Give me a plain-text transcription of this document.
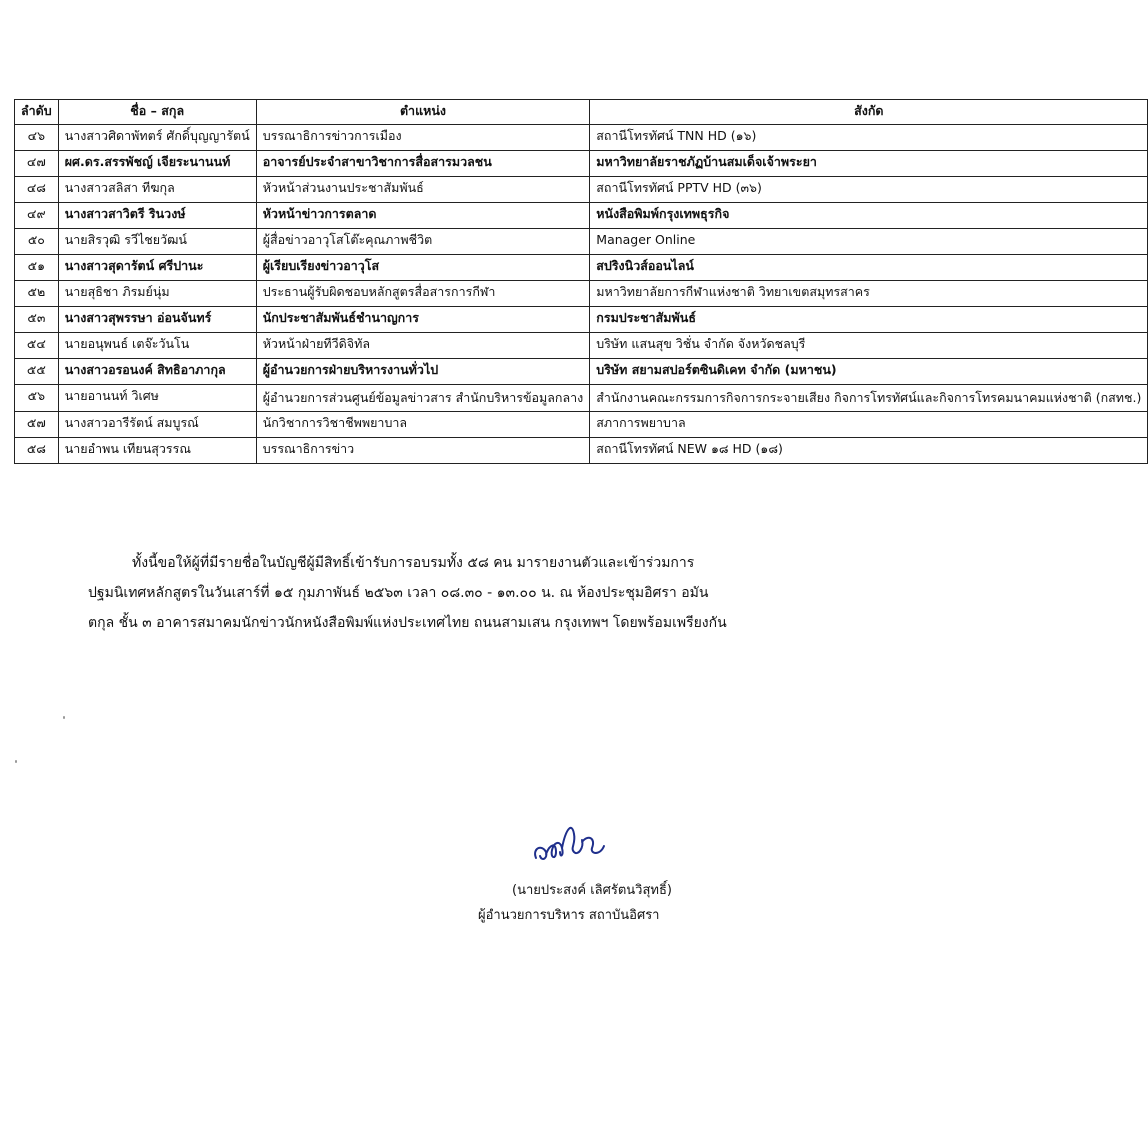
ลำดับ	ชื่อ – สกุล	ตำแหน่ง	สังกัด
๔๖	นางสาวศิดาพัทตร์ ศักดิ์บุญญารัตน์	บรรณาธิการข่าวการเมือง	สถานีโทรทัศน์ TNN HD (๑๖)
๔๗	ผศ.ดร.สรรพัชญ์ เจียระนานนท์	อาจารย์ประจำสาขาวิชาการสื่อสารมวลชน	มหาวิทยาลัยราชภัฏบ้านสมเด็จเจ้าพระยา
๔๘	นางสาวสลิสา ทีฆกุล	หัวหน้าส่วนงานประชาสัมพันธ์	สถานีโทรทัศน์ PPTV HD (๓๖)
๔๙	นางสาวสาวิตรี รินวงษ์	หัวหน้าข่าวการตลาด	หนังสือพิมพ์กรุงเทพธุรกิจ
๕๐	นายสิรวุฒิ รวีไชยวัฒน์	ผู้สื่อข่าวอาวุโสโต๊ะคุณภาพชีวิต	Manager Online
๕๑	นางสาวสุดารัตน์ ศรีปานะ	ผู้เรียบเรียงข่าวอาวุโส	สปริงนิวส์ออนไลน์
๕๒	นายสุธิชา ภิรมย์นุ่ม	ประธานผู้รับผิดชอบหลักสูตรสื่อสารการกีฬา	มหาวิทยาลัยการกีฬาแห่งชาติ วิทยาเขตสมุทรสาคร
๕๓	นางสาวสุพรรษา อ่อนจันทร์	นักประชาสัมพันธ์ชำนาญการ	กรมประชาสัมพันธ์
๕๔	นายอนุพนธ์ เตจ๊ะวันโน	หัวหน้าฝ่ายทีวีดิจิทัล	บริษัท แสนสุข วิชั่น จำกัด จังหวัดชลบุรี
๕๕	นางสาวอรอนงค์ สิทธิอาภากุล	ผู้อำนวยการฝ่ายบริหารงานทั่วไป	บริษัท สยามสปอร์ตซินดิเคท จำกัด (มหาชน)
๕๖	นายอานนท์ วิเศษ	ผู้อำนวยการส่วนศูนย์ข้อมูลข่าวสาร สำนักบริหารข้อมูลกลาง	สำนักงานคณะกรรมการกิจการกระจายเสียง กิจการโทรทัศน์และกิจการโทรคมนาคมแห่งชาติ (กสทช.)
๕๗	นางสาวอารีรัตน์ สมบูรณ์	นักวิชาการวิชาชีพพยาบาล	สภาการพยาบาล
๕๘	นายอำพน เทียนสุวรรณ	บรรณาธิการข่าว	สถานีโทรทัศน์ NEW ๑๘ HD (๑๘)
ทั้งนี้ขอให้ผู้ที่มีรายชื่อในบัญชีผู้มีสิทธิ์เข้ารับการอบรมทั้ง ๕๘ คน มารายงานตัวและเข้าร่วมการปฐมนิเทศหลักสูตรในวันเสาร์ที่ ๑๕ กุมภาพันธ์ ๒๕๖๓ เวลา ๐๘.๓๐ - ๑๓.๐๐ น. ณ ห้องประชุมอิศรา อมันตกุล ชั้น ๓ อาคารสมาคมนักข่าวนักหนังสือพิมพ์แห่งประเทศไทย ถนนสามเสน กรุงเทพฯ โดยพร้อมเพรียงกัน
(นายประสงค์ เลิศรัตนวิสุทธิ์)
ผู้อำนวยการบริหาร สถาบันอิศรา
